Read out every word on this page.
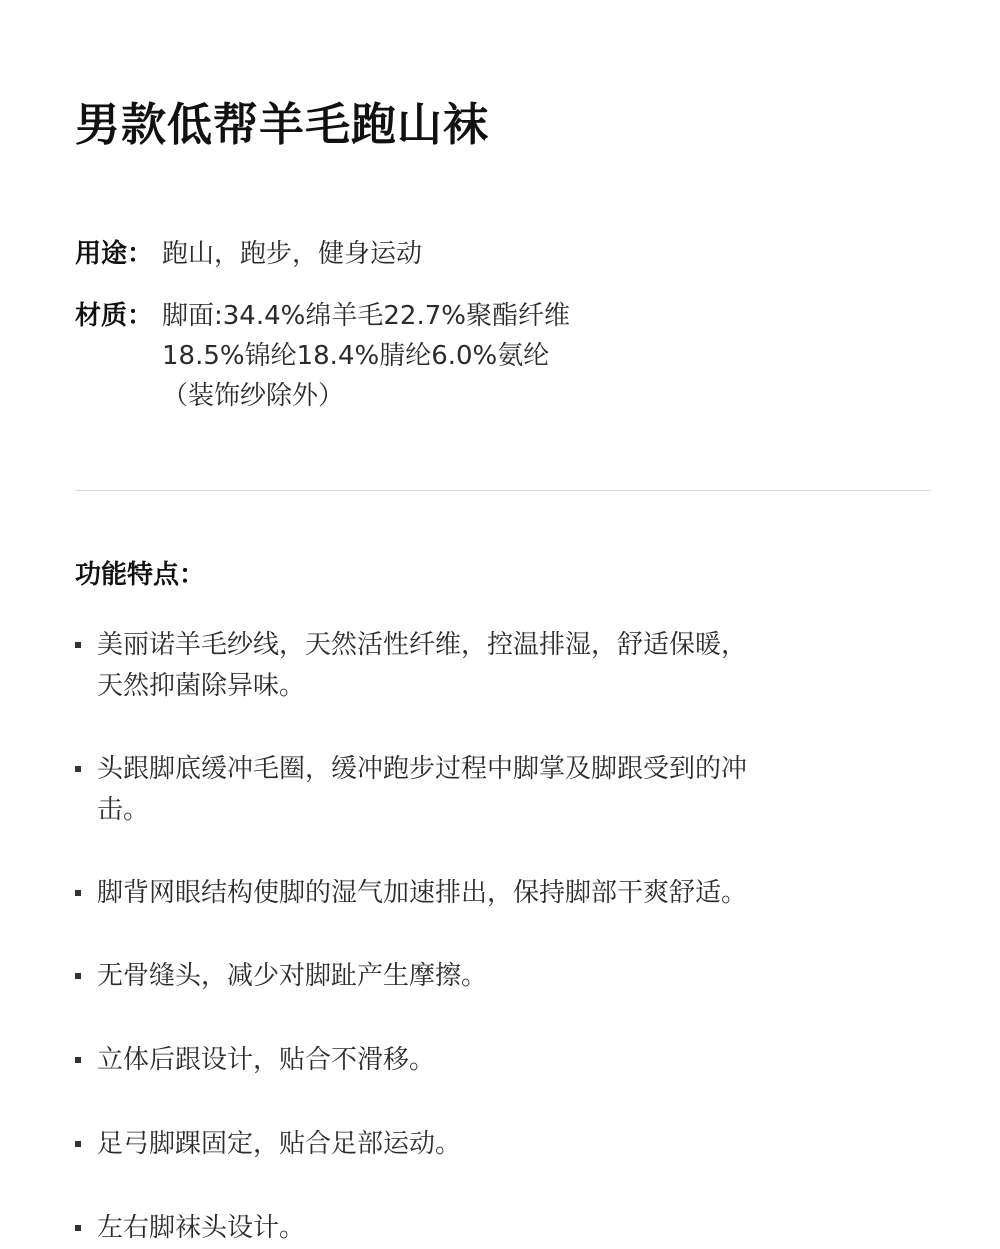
男款低帮羊毛跑山袜
用途： 跑山，跑步，健身运动
材质： 脚面:34.4%绵羊毛22.7%聚酯纤维
18.5%锦纶18.4%腈纶6.0%氨纶
（装饰纱除外）
功能特点：
美丽诺羊毛纱线，天然活性纤维，控温排湿，舒适保暖，
天然抑菌除异味。
头跟脚底缓冲毛圈，缓冲跑步过程中脚掌及脚跟受到的冲
击。
脚背网眼结构使脚的湿气加速排出，保持脚部干爽舒适。
无骨缝头，减少对脚趾产生摩擦。
立体后跟设计，贴合不滑移。
足弓脚踝固定，贴合足部运动。
左右脚袜头设计。
